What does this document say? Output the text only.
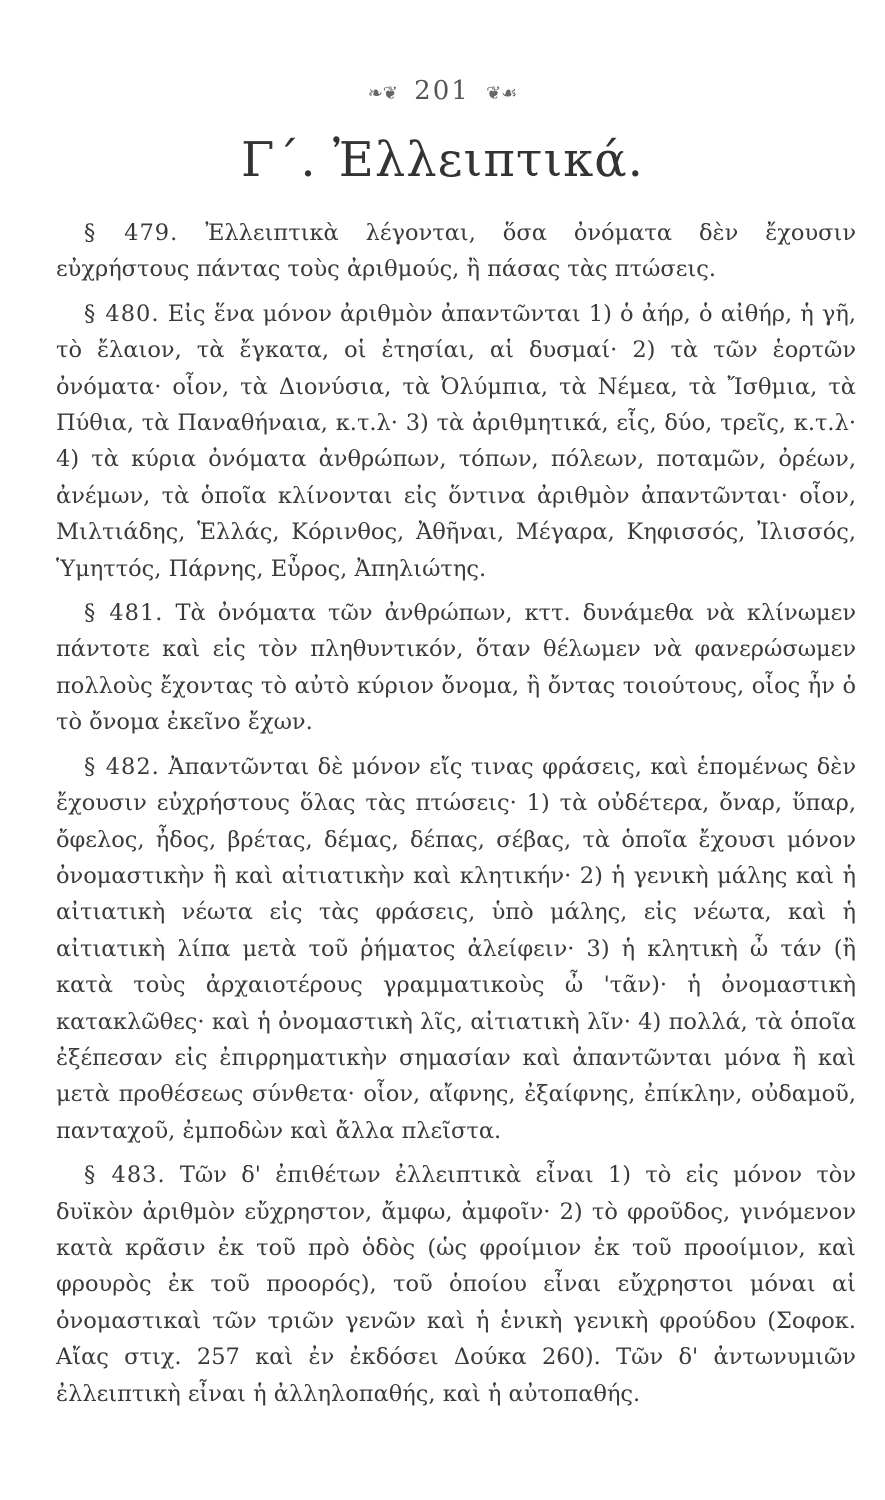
❧❦ 201 ❦☙
Γ΄. Ἐλλειπτικά.

§ 479. Ἐλλειπτικὰ λέγονται, ὅσα ὀνόματα δὲν ἔχουσιν εὐχρήστους πάντας τοὺς ἀριθμούς, ἢ πάσας τὰς πτώσεις.

§ 480. Εἰς ἕνα μόνον ἀριθμὸν ἀπαντῶνται 1) ὁ ἀήρ, ὁ αἰθήρ, ἡ γῆ, τὸ ἔλαιον, τὰ ἔγκατα, οἱ ἐτησίαι, αἱ δυσμαί· 2) τὰ τῶν ἑορτῶν ὀνόματα· οἷον, τὰ Διονύσια, τὰ Ὀλύμπια, τὰ Νέμεα, τὰ Ἴσθμια, τὰ Πύθια, τὰ Παναθήναια, κ.τ.λ· 3) τὰ ἀριθμητικά, εἷς, δύο, τρεῖς, κ.τ.λ· 4) τὰ κύρια ὀνόματα ἀνθρώπων, τόπων, πόλεων, ποταμῶν, ὀρέων, ἀνέμων, τὰ ὁποῖα κλίνονται εἰς ὅντινα ἀριθμὸν ἀπαντῶνται· οἷον, Μιλτιάδης, Ἑλλάς, Κόρινθος, Ἀθῆναι, Μέγαρα, Κηφισσός, Ἰλισσός, Ὑμηττός, Πάρνης, Εὖρος, Ἀπηλιώτης.

§ 481. Τὰ ὀνόματα τῶν ἀνθρώπων, κττ. δυνάμεθα νὰ κλίνωμεν πάντοτε καὶ εἰς τὸν πληθυντικόν, ὅταν θέλωμεν νὰ φανερώσωμεν πολλοὺς ἔχοντας τὸ αὐτὸ κύριον ὄνομα, ἢ ὄντας τοιούτους, οἷος ἦν ὁ τὸ ὄνομα ἐκεῖνο ἔχων.

§ 482. Ἀπαντῶνται δὲ μόνον εἴς τινας φράσεις, καὶ ἑπομένως δὲν ἔχουσιν εὐχρήστους ὅλας τὰς πτώσεις· 1) τὰ οὐδέτερα, ὄναρ, ὕπαρ, ὄφελος, ἦδος, βρέτας, δέμας, δέπας, σέβας, τὰ ὁποῖα ἔχουσι μόνον ὀνομαστικὴν ἢ καὶ αἰτιατικὴν καὶ κλητικήν· 2) ἡ γενικὴ μάλης καὶ ἡ αἰτιατικὴ νέωτα εἰς τὰς φράσεις, ὑπὸ μάλης, εἰς νέωτα, καὶ ἡ αἰτιατικὴ λίπα μετὰ τοῦ ῥήματος ἀλείφειν· 3) ἡ κλητικὴ ὦ τάν (ἢ κατὰ τοὺς ἀρχαιοτέρους γραμματικοὺς ὦ 'τᾶν)· ἡ ὀνομαστικὴ κατακλῶθες· καὶ ἡ ὀνομαστικὴ λῖς, αἰτιατικὴ λῖν· 4) πολλά, τὰ ὁποῖα ἐξέπεσαν εἰς ἐπιρρηματικὴν σημασίαν καὶ ἀπαντῶνται μόνα ἢ καὶ μετὰ προθέσεως σύνθετα· οἷον, αἴφνης, ἐξαίφνης, ἐπίκλην, οὐδαμοῦ, πανταχοῦ, ἐμποδὼν καὶ ἄλλα πλεῖστα.

§ 483. Τῶν δ' ἐπιθέτων ἐλλειπτικὰ εἶναι 1) τὸ εἰς μόνον τὸν δυϊκὸν ἀριθμὸν εὔχρηστον, ἄμφω, ἀμφοῖν· 2) τὸ φροῦδος, γινόμενον κατὰ κρᾶσιν ἐκ τοῦ πρὸ ὁδὸς (ὡς φροίμιον ἐκ τοῦ προοίμιον, καὶ φρουρὸς ἐκ τοῦ προορός), τοῦ ὁποίου εἶναι εὔχρηστοι μόναι αἱ ὀνομαστικαὶ τῶν τριῶν γενῶν καὶ ἡ ἑνικὴ γενικὴ φρούδου (Σοφοκ. Αἴας στιχ. 257 καὶ ἐν ἐκδόσει Δούκα 260). Τῶν δ' ἀντωνυμιῶν ἐλλειπτικὴ εἶναι ἡ ἀλληλοπαθής, καὶ ἡ αὐτοπαθής.
